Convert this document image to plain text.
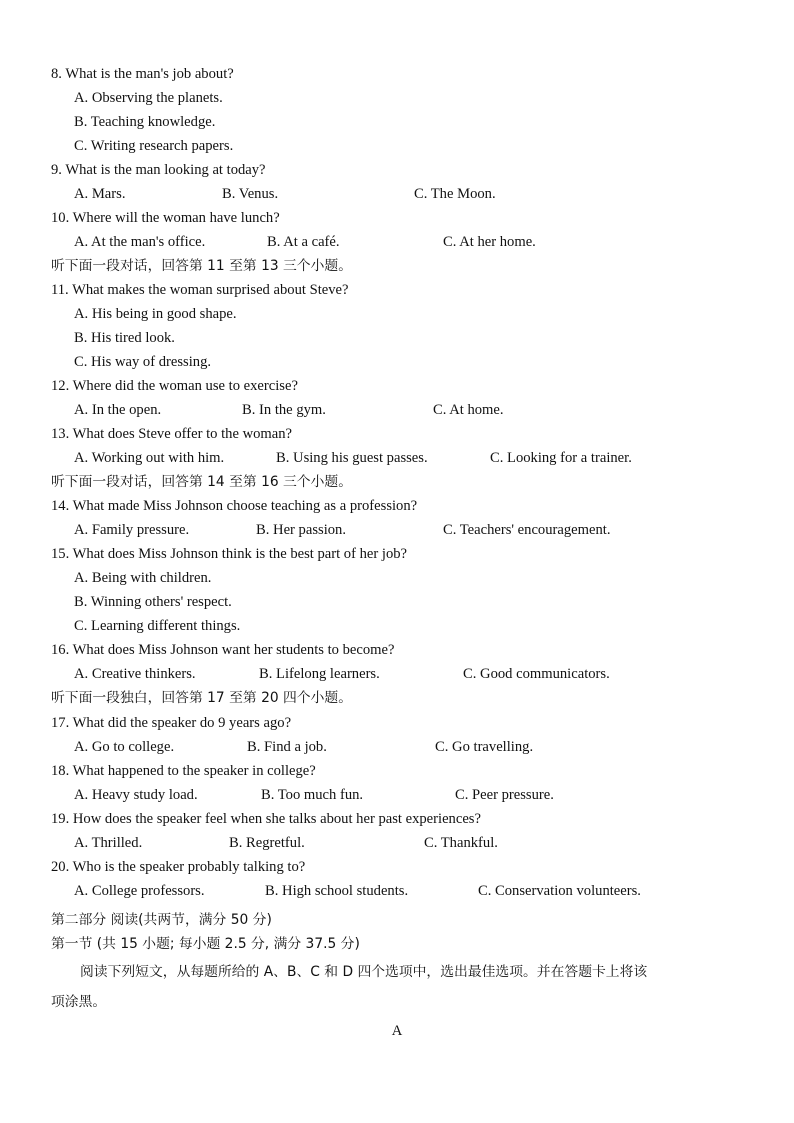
8. What is the man's job about?
A. Observing the planets.
B. Teaching knowledge.
C. Writing research papers.
9. What is the man looking at today?
A. Mars.	B. Venus.	C. The Moon.
10. Where will the woman have lunch?
A. At the man's office.	B. At a café.	C. At her home.
听下面一段对话，回答第 11 至第 13 三个小题。
11. What makes the woman surprised about Steve?
A. His being in good shape.
B. His tired look.
C. His way of dressing.
12. Where did the woman use to exercise?
A. In the open.	B. In the gym.	C. At home.
13. What does Steve offer to the woman?
A. Working out with him.	B. Using his guest passes.	C. Looking for a trainer.
听下面一段对话，回答第 14 至第 16 三个小题。
14. What made Miss Johnson choose teaching as a profession?
A. Family pressure.	B. Her passion.	C. Teachers' encouragement.
15. What does Miss Johnson think is the best part of her job?
A. Being with children.
B. Winning others' respect.
C. Learning different things.
16. What does Miss Johnson want her students to become?
A. Creative thinkers.	B. Lifelong learners.	C. Good communicators.
听下面一段独白，回答第 17 至第 20 四个小题。
17. What did the speaker do 9 years ago?
A. Go to college.	B. Find a job.	C. Go travelling.
18. What happened to the speaker in college?
A. Heavy study load.	B. Too much fun.	C. Peer pressure.
19. How does the speaker feel when she talks about her past experiences?
A. Thrilled.	B. Regretful.	C. Thankful.
20. Who is the speaker probably talking to?
A. College professors.	B. High school students.	C. Conservation volunteers.
第二部分 阅读(共两节，满分 50 分)
第一节 (共 15 小题; 每小题 2.5 分, 满分 37.5 分)
阅读下列短文，从每题所给的 A、B、C 和 D 四个选项中，选出最佳选项。并在答题卡上将该
项涂黑。
A
